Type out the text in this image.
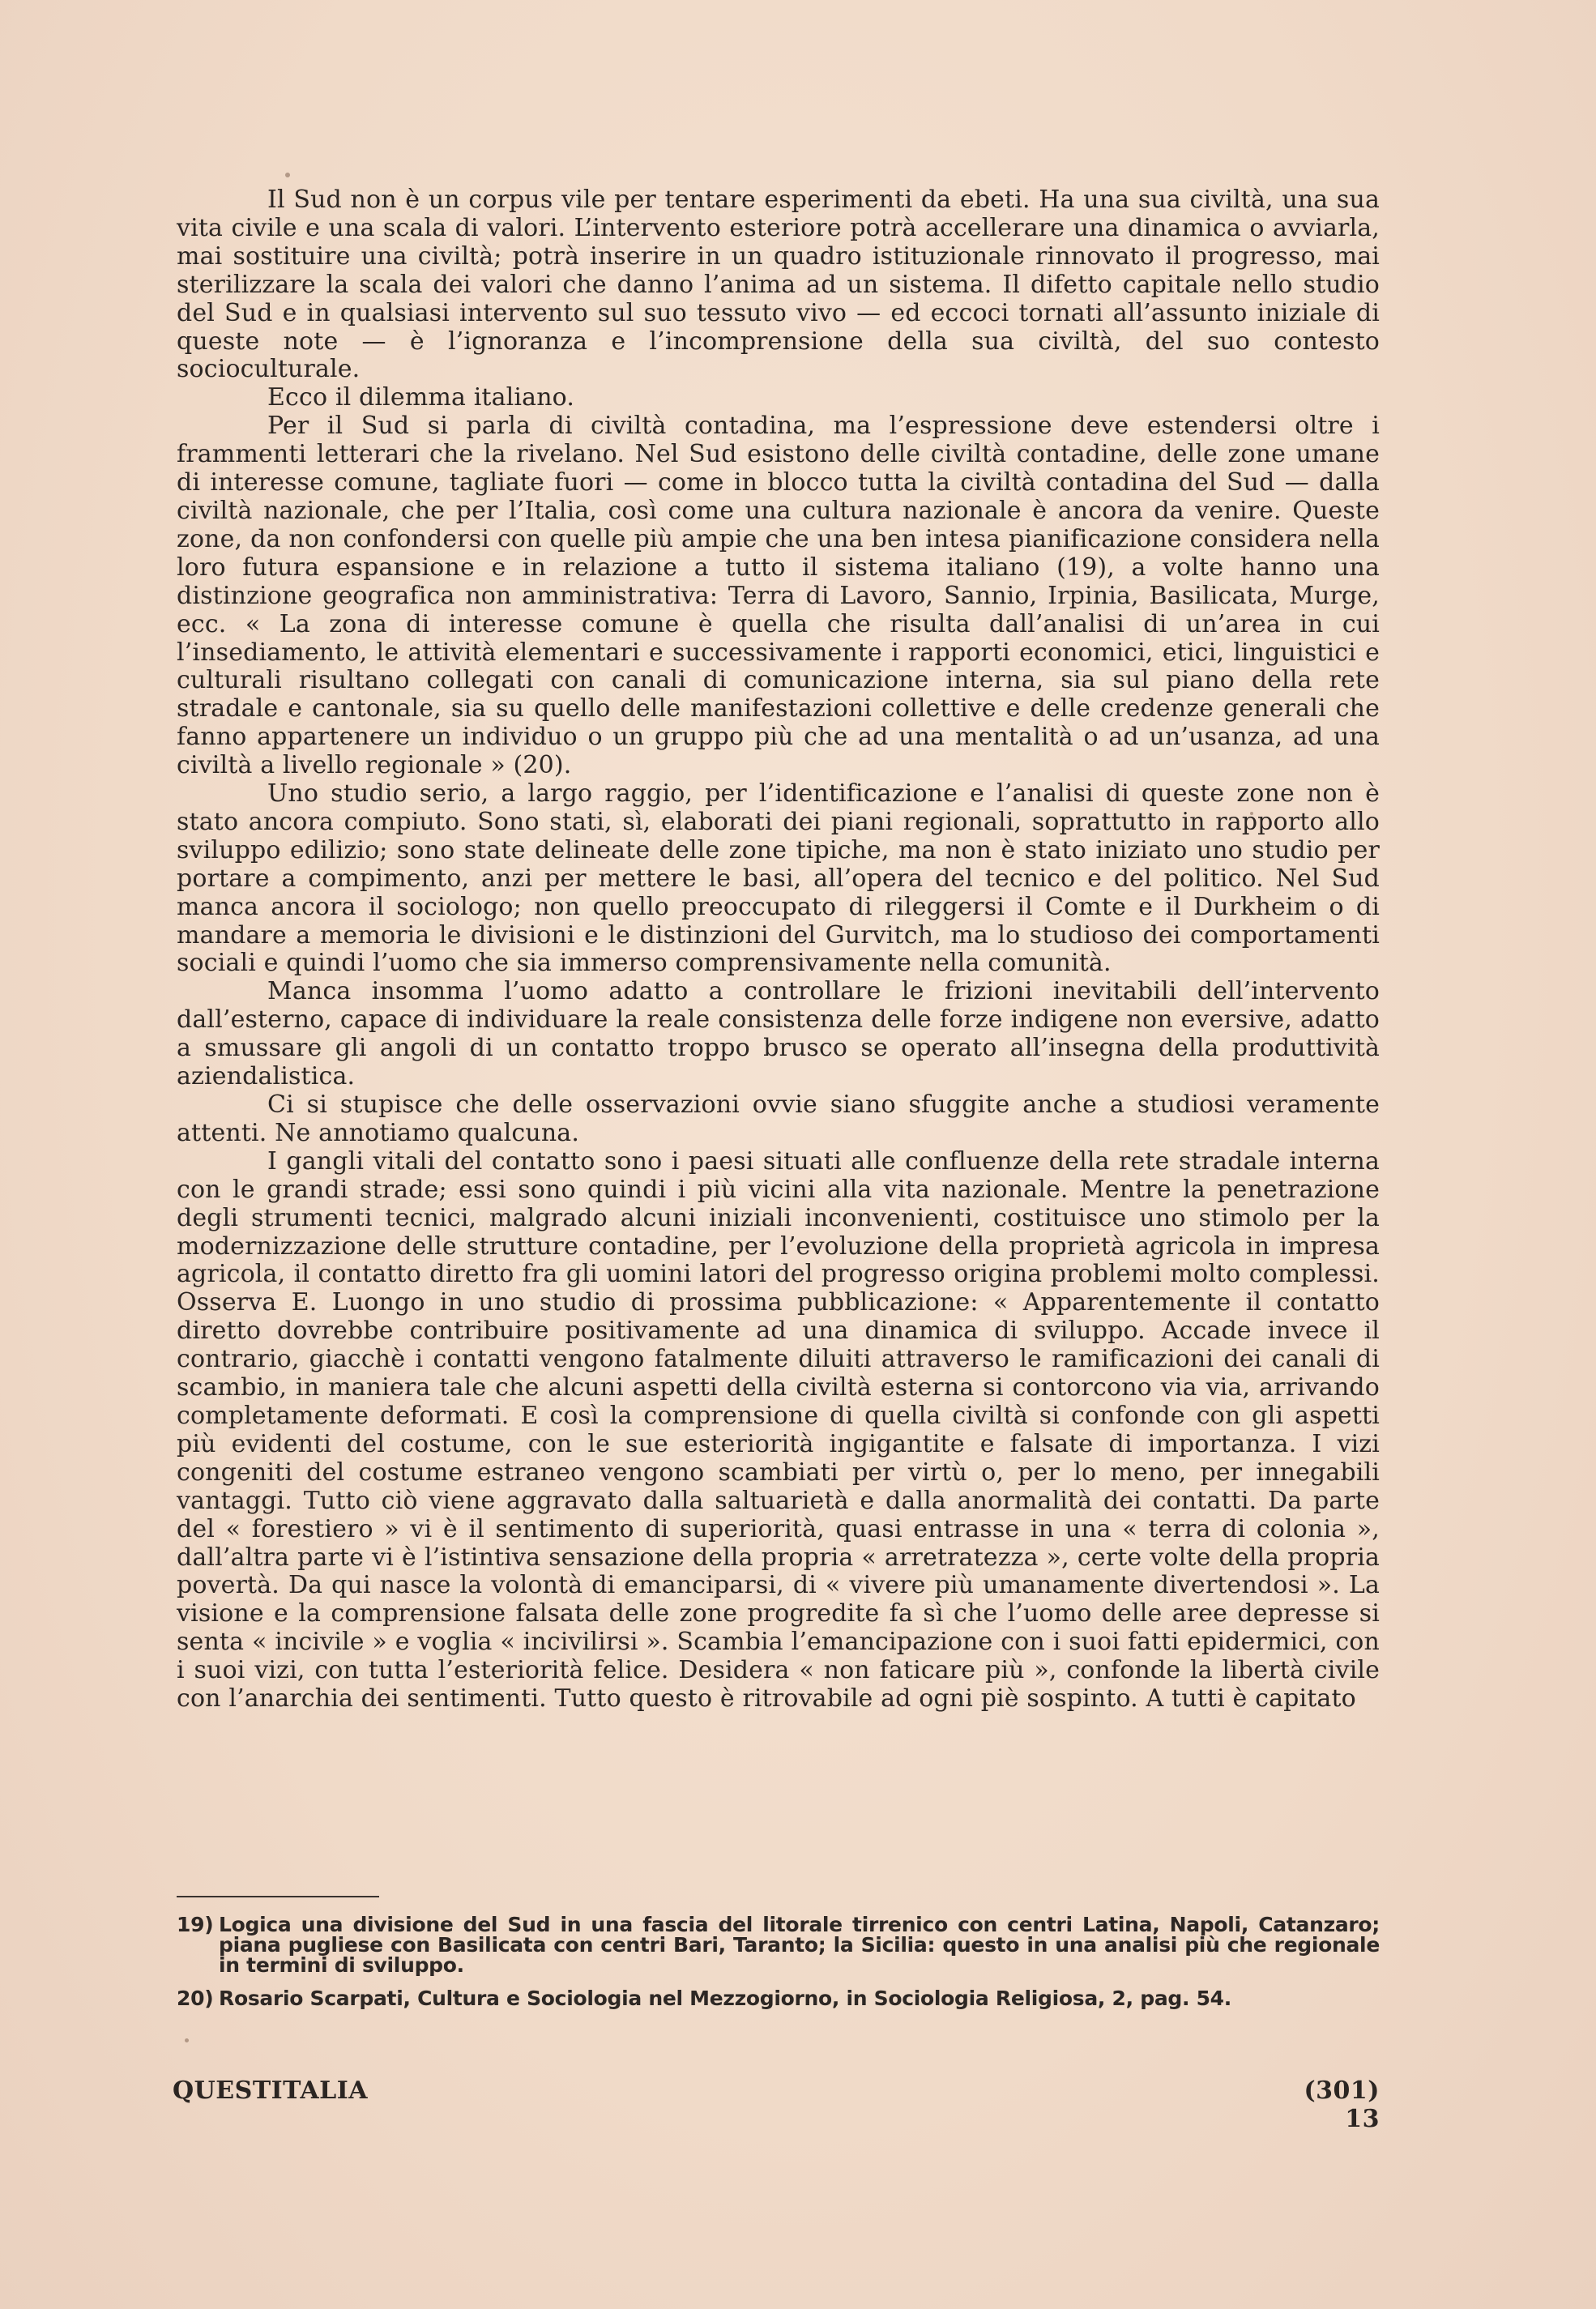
Il Sud non è un corpus vile per tentare esperimenti da ebeti. Ha una sua civiltà, una sua vita civile e una scala di valori. L’intervento esteriore potrà accellerare una dinamica o avviarla, mai sostituire una civiltà; potrà inserire in un quadro istituzionale rinnovato il progresso, mai sterilizzare la scala dei valori che danno l’anima ad un sistema. Il difetto capitale nello studio del Sud e in qualsiasi intervento sul suo tessuto vivo — ed eccoci tornati all’assunto iniziale di queste note — è l’ignoranza e l’incomprensione della sua civiltà, del suo contesto socioculturale.

Ecco il dilemma italiano.

Per il Sud si parla di civiltà contadina, ma l’espressione deve estendersi oltre i frammenti letterari che la rivelano. Nel Sud esistono delle civiltà contadine, delle zone umane di interesse comune, tagliate fuori — come in blocco tutta la civiltà contadina del Sud — dalla civiltà nazionale, che per l’Italia, così come una cultura nazionale è ancora da venire. Queste zone, da non confondersi con quelle più ampie che una ben intesa pianificazione considera nella loro futura espansione e in relazione a tutto il sistema italiano (19), a volte hanno una distinzione geografica non amministrativa: Terra di Lavoro, Sannio, Irpinia, Basilicata, Murge, ecc. « La zona di interesse comune è quella che risulta dall’analisi di un’area in cui l’insediamento, le attività elementari e successivamente i rapporti economici, etici, linguistici e culturali risultano collegati con canali di comunicazione interna, sia sul piano della rete stradale e cantonale, sia su quello delle manifestazioni collettive e delle credenze generali che fanno appartenere un individuo o un gruppo più che ad una mentalità o ad un’usanza, ad una civiltà a livello regionale » (20).

Uno studio serio, a largo raggio, per l’identificazione e l’analisi di queste zone non è stato ancora compiuto. Sono stati, sì, elaborati dei piani regionali, soprattutto in rapporto allo sviluppo edilizio; sono state delineate delle zone tipiche, ma non è stato iniziato uno studio per portare a compimento, anzi per mettere le basi, all’opera del tecnico e del politico. Nel Sud manca ancora il sociologo; non quello preoccupato di rileggersi il Comte e il Durkheim o di mandare a memoria le divisioni e le distinzioni del Gurvitch, ma lo studioso dei comportamenti sociali e quindi l’uomo che sia immerso comprensivamente nella comunità.

Manca insomma l’uomo adatto a controllare le frizioni inevitabili dell’intervento dall’esterno, capace di individuare la reale consistenza delle forze indigene non eversive, adatto a smussare gli angoli di un contatto troppo brusco se operato all’insegna della produttività aziendalistica.

Ci si stupisce che delle osservazioni ovvie siano sfuggite anche a studiosi veramente attenti. Ne annotiamo qualcuna.

I gangli vitali del contatto sono i paesi situati alle confluenze della rete stradale interna con le grandi strade; essi sono quindi i più vicini alla vita nazionale. Mentre la penetrazione degli strumenti tecnici, malgrado alcuni iniziali inconvenienti, costituisce uno stimolo per la modernizzazione delle strutture contadine, per l’evoluzione della proprietà agricola in impresa agricola, il contatto diretto fra gli uomini latori del progresso origina problemi molto complessi. Osserva E. Luongo in uno studio di prossima pubblicazione: « Apparentemente il contatto diretto dovrebbe contribuire positivamente ad una dinamica di sviluppo. Accade invece il contrario, giacchè i contatti vengono fatalmente diluiti attraverso le ramificazioni dei canali di scambio, in maniera tale che alcuni aspetti della civiltà esterna si contorcono via via, arrivando completamente deformati. E così la comprensione di quella civiltà si confonde con gli aspetti più evidenti del costume, con le sue esteriorità ingigantite e falsate di importanza. I vizi congeniti del costume estraneo vengono scambiati per virtù o, per lo meno, per innegabili vantaggi. Tutto ciò viene aggravato dalla saltuarietà e dalla anormalità dei contatti. Da parte del « forestiero » vi è il sentimento di superiorità, quasi entrasse in una « terra di colonia », dall’altra parte vi è l’istintiva sensazione della propria « arretratezza », certe volte della propria povertà. Da qui nasce la volontà di emanciparsi, di « vivere più umanamente divertendosi ». La visione e la comprensione falsata delle zone progredite fa sì che l’uomo delle aree depresse si senta « incivile » e voglia « incivilirsi ». Scambia l’emancipazione con i suoi fatti epidermici, con i suoi vizi, con tutta l’esteriorità felice. Desidera « non faticare più », confonde la libertà civile con l’anarchia dei sentimenti. Tutto questo è ritrovabile ad ogni piè sospinto. A tutti è capitato

19) Logica una divisione del Sud in una fascia del litorale tirrenico con centri Latina, Napoli, Catanzaro; piana pugliese con Basilicata con centri Bari, Taranto; la Sicilia: questo in una analisi più che regionale in termini di sviluppo.
20) Rosario Scarpati, Cultura e Sociologia nel Mezzogiorno, in Sociologia Religiosa, 2, pag. 54.
QUESTITALIA	(301) 13
